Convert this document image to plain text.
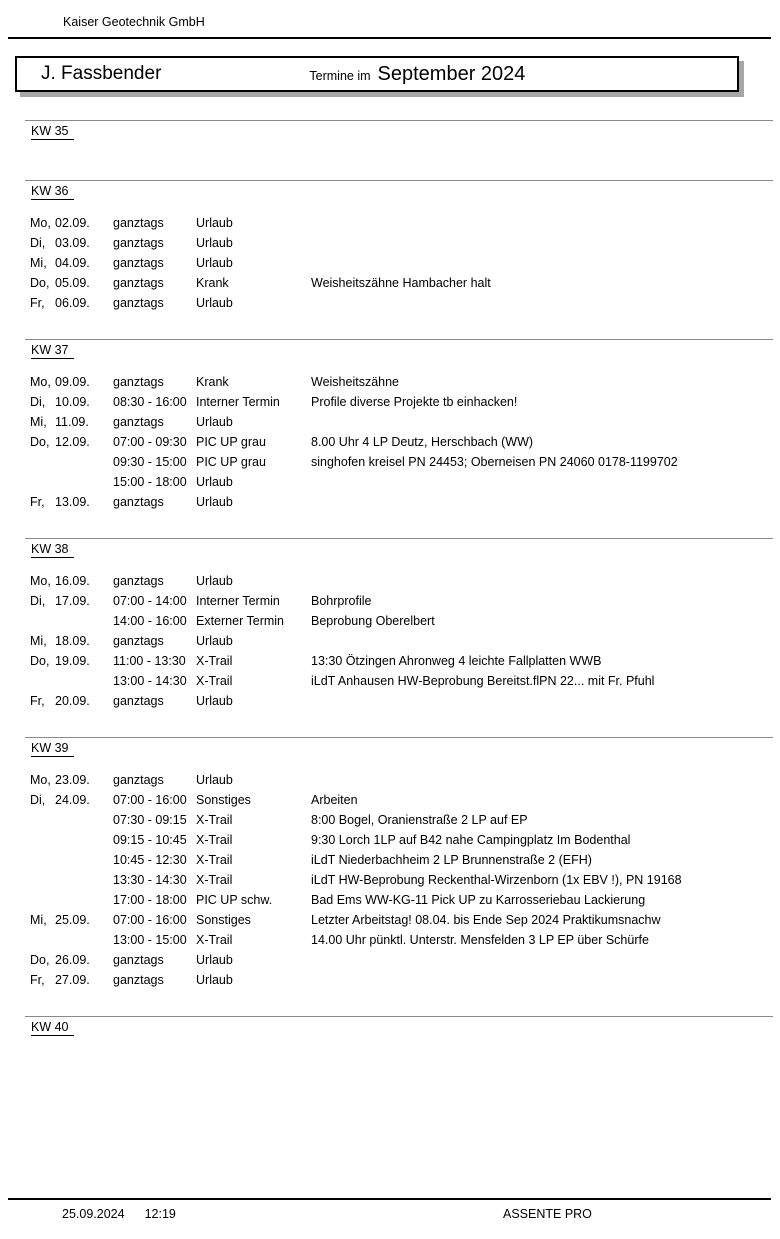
Kaiser Geotechnik GmbH
J. Fassbender	Termine im September 2024
KW 35
KW 36
Mo, 02.09.	ganztags	Urlaub
Di, 03.09.	ganztags	Urlaub
Mi, 04.09.	ganztags	Urlaub
Do, 05.09.	ganztags	Krank	Weisheitszähne Hambacher halt
Fr, 06.09.	ganztags	Urlaub
KW 37
Mo, 09.09.	ganztags	Krank	Weisheitszähne
Di, 10.09.	08:30 - 16:00 Interner Termin	Profile diverse Projekte tb einhacken!
Mi, 11.09.	ganztags	Urlaub
Do, 12.09.	07:00 - 09:30 PIC UP grau	8.00 Uhr 4 LP Deutz, Herschbach (WW)
09:30 - 15:00 PIC UP grau	singhofen kreisel PN 24453; Oberneisen PN 24060 0178-1199702
15:00 - 18:00 Urlaub
Fr, 13.09.	ganztags	Urlaub
KW 38
Mo, 16.09.	ganztags	Urlaub
Di, 17.09.	07:00 - 14:00 Interner Termin	Bohrprofile
14:00 - 16:00 Externer Termin	Beprobung Oberelbert
Mi, 18.09.	ganztags	Urlaub
Do, 19.09.	11:00 - 13:30 X-Trail	13:30 Ötzingen Ahronweg 4 leichte Fallplatten WWB
13:00 - 14:30 X-Trail	iLdT Anhausen HW-Beprobung Bereitst.flPN 22... mit Fr. Pfuhl
Fr, 20.09.	ganztags	Urlaub
KW 39
Mo, 23.09.	ganztags	Urlaub
Di, 24.09.	07:00 - 16:00 Sonstiges	Arbeiten
07:30 - 09:15 X-Trail	8:00 Bogel, Oranienstraße 2 LP auf EP
09:15 - 10:45 X-Trail	9:30 Lorch 1LP auf B42 nahe Campingplatz Im Bodenthal
10:45 - 12:30 X-Trail	iLdT Niederbachheim 2 LP Brunnenstraße 2 (EFH)
13:30 - 14:30 X-Trail	iLdT HW-Beprobung Reckenthal-Wirzenborn (1x EBV !), PN 19168
17:00 - 18:00 PIC UP schw.	Bad Ems WW-KG-11 Pick UP zu Karrosseriebau Lackierung
Mi, 25.09.	07:00 - 16:00 Sonstiges	Letzter Arbeitstag! 08.04. bis Ende Sep 2024 Praktikumsnachw
13:00 - 15:00 X-Trail	14.00 Uhr pünktl. Unterstr. Mensfelden 3 LP EP über Schürfe
Do, 26.09.	ganztags	Urlaub
Fr, 27.09.	ganztags	Urlaub
KW 40
25.09.2024 12:19	ASSENTE PRO
